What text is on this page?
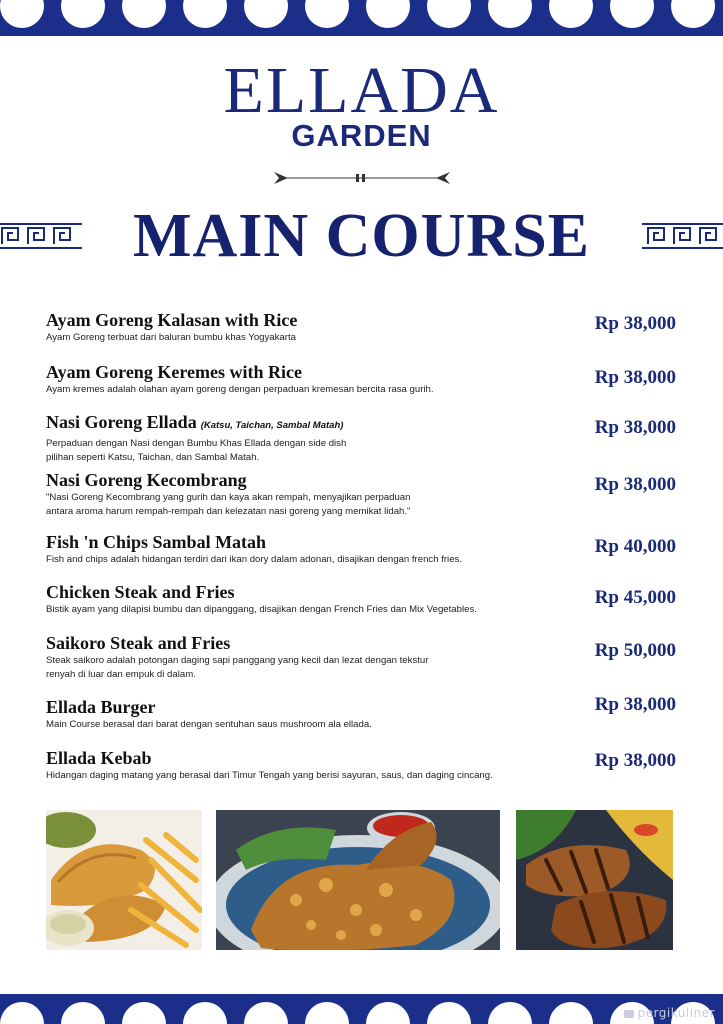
ELLADA
GARDEN
MAIN COURSE
Ayam Goreng Kalasan with Rice
Ayam Goreng terbuat dari baluran bumbu khas Yogyakarta
Rp 38,000
Ayam Goreng Keremes with Rice
Ayam kremes adalah olahan ayam goreng dengan perpaduan kremesan bercita rasa gurih.
Rp 38,000
Nasi Goreng Ellada (Katsu, Taichan, Sambal Matah)
Perpaduan dengan Nasi dengan Bumbu Khas Ellada dengan side dish
pilihan seperti Katsu, Taichan, dan Sambal Matah.
Rp 38,000
Nasi Goreng Kecombrang
"Nasi Goreng Kecombrang yang gurih dan kaya akan rempah, menyajikan perpaduan
antara aroma harum rempah-rempah dan kelezatan nasi goreng yang memikat lidah."
Rp 38,000
Fish 'n Chips Sambal Matah
Fish and chips adalah hidangan terdiri dari ikan dory dalam adonan, disajikan dengan french fries.
Rp 40,000
Chicken Steak and Fries
Bistik ayam yang dilapisi bumbu dan dipanggang, disajikan dengan French Fries dan Mix Vegetables.
Rp 45,000
Saikoro Steak and Fries
Steak saikoro adalah potongan daging sapi panggang yang kecil dan lezat dengan tekstur
renyah di luar dan empuk di dalam.
Rp 50,000
Ellada Burger
Main Course berasal dari barat dengan sentuhan saus mushroom ala ellada.
Rp 38,000
Ellada Kebab
Hidangan daging matang yang berasal dari Timur Tengah yang berisi sayuran, saus, dan daging cincang.
Rp 38,000
pergikuliner
